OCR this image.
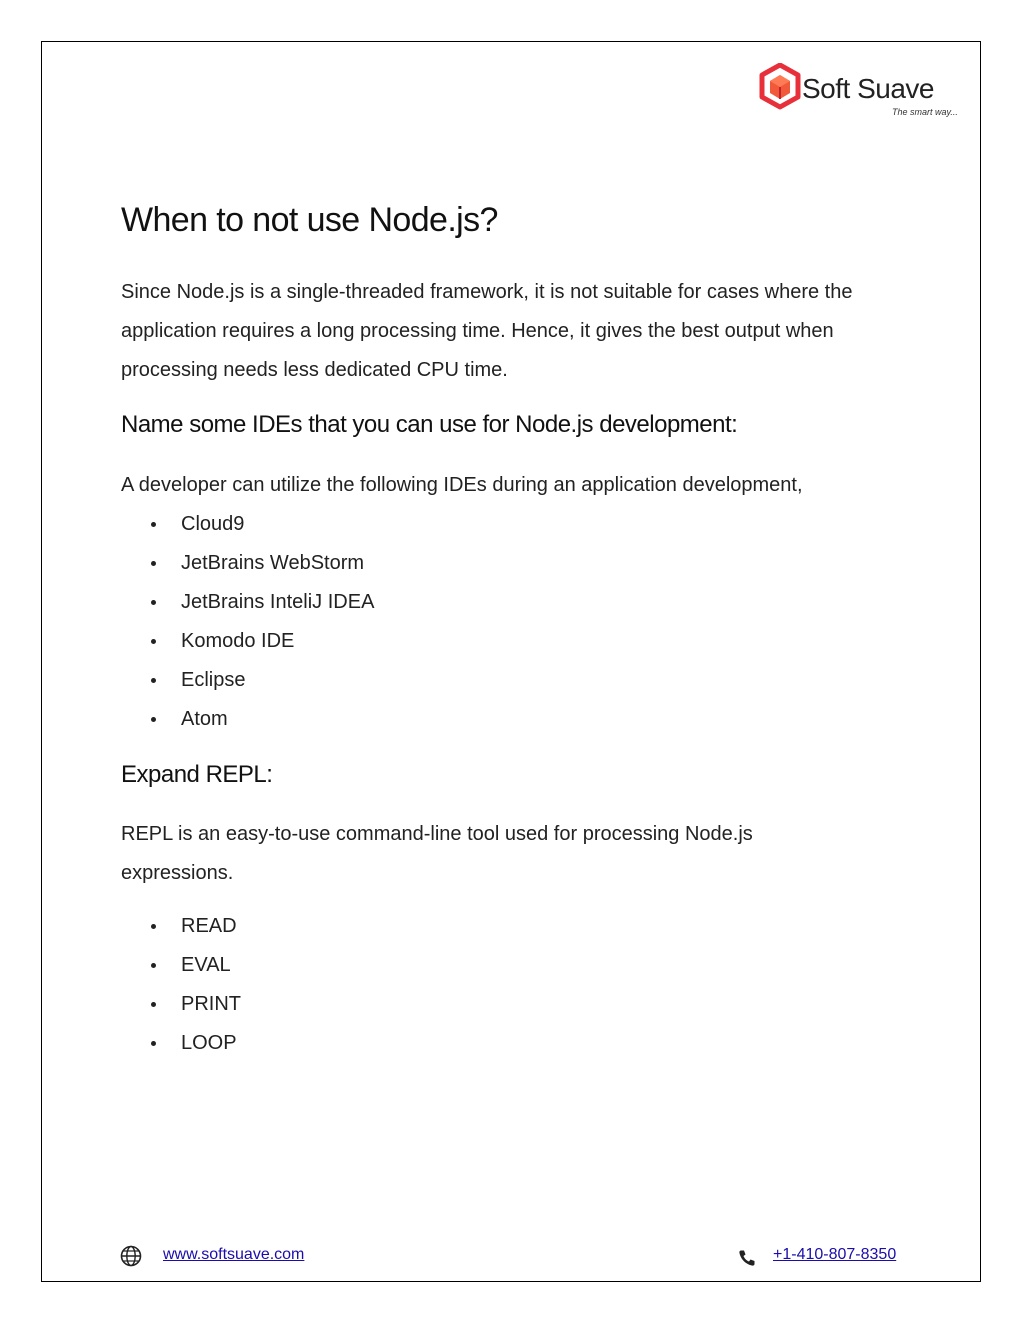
Soft Suave
The smart way...
When to not use Node.js?

Since Node.js is a single-threaded framework, it is not suitable for cases where the application requires a long processing time. Hence, it gives the best output when processing needs less dedicated CPU time.

Name some IDEs that you can use for Node.js development:

A developer can utilize the following IDEs during an application development,

Cloud9
JetBrains WebStorm
JetBrains InteliJ IDEA
Komodo IDE
Eclipse
Atom
Expand REPL:

REPL is an easy-to-use command-line tool used for processing Node.js expressions.

READ
EVAL
PRINT
LOOP
www.softsuave.com	+1-410-807-8350
